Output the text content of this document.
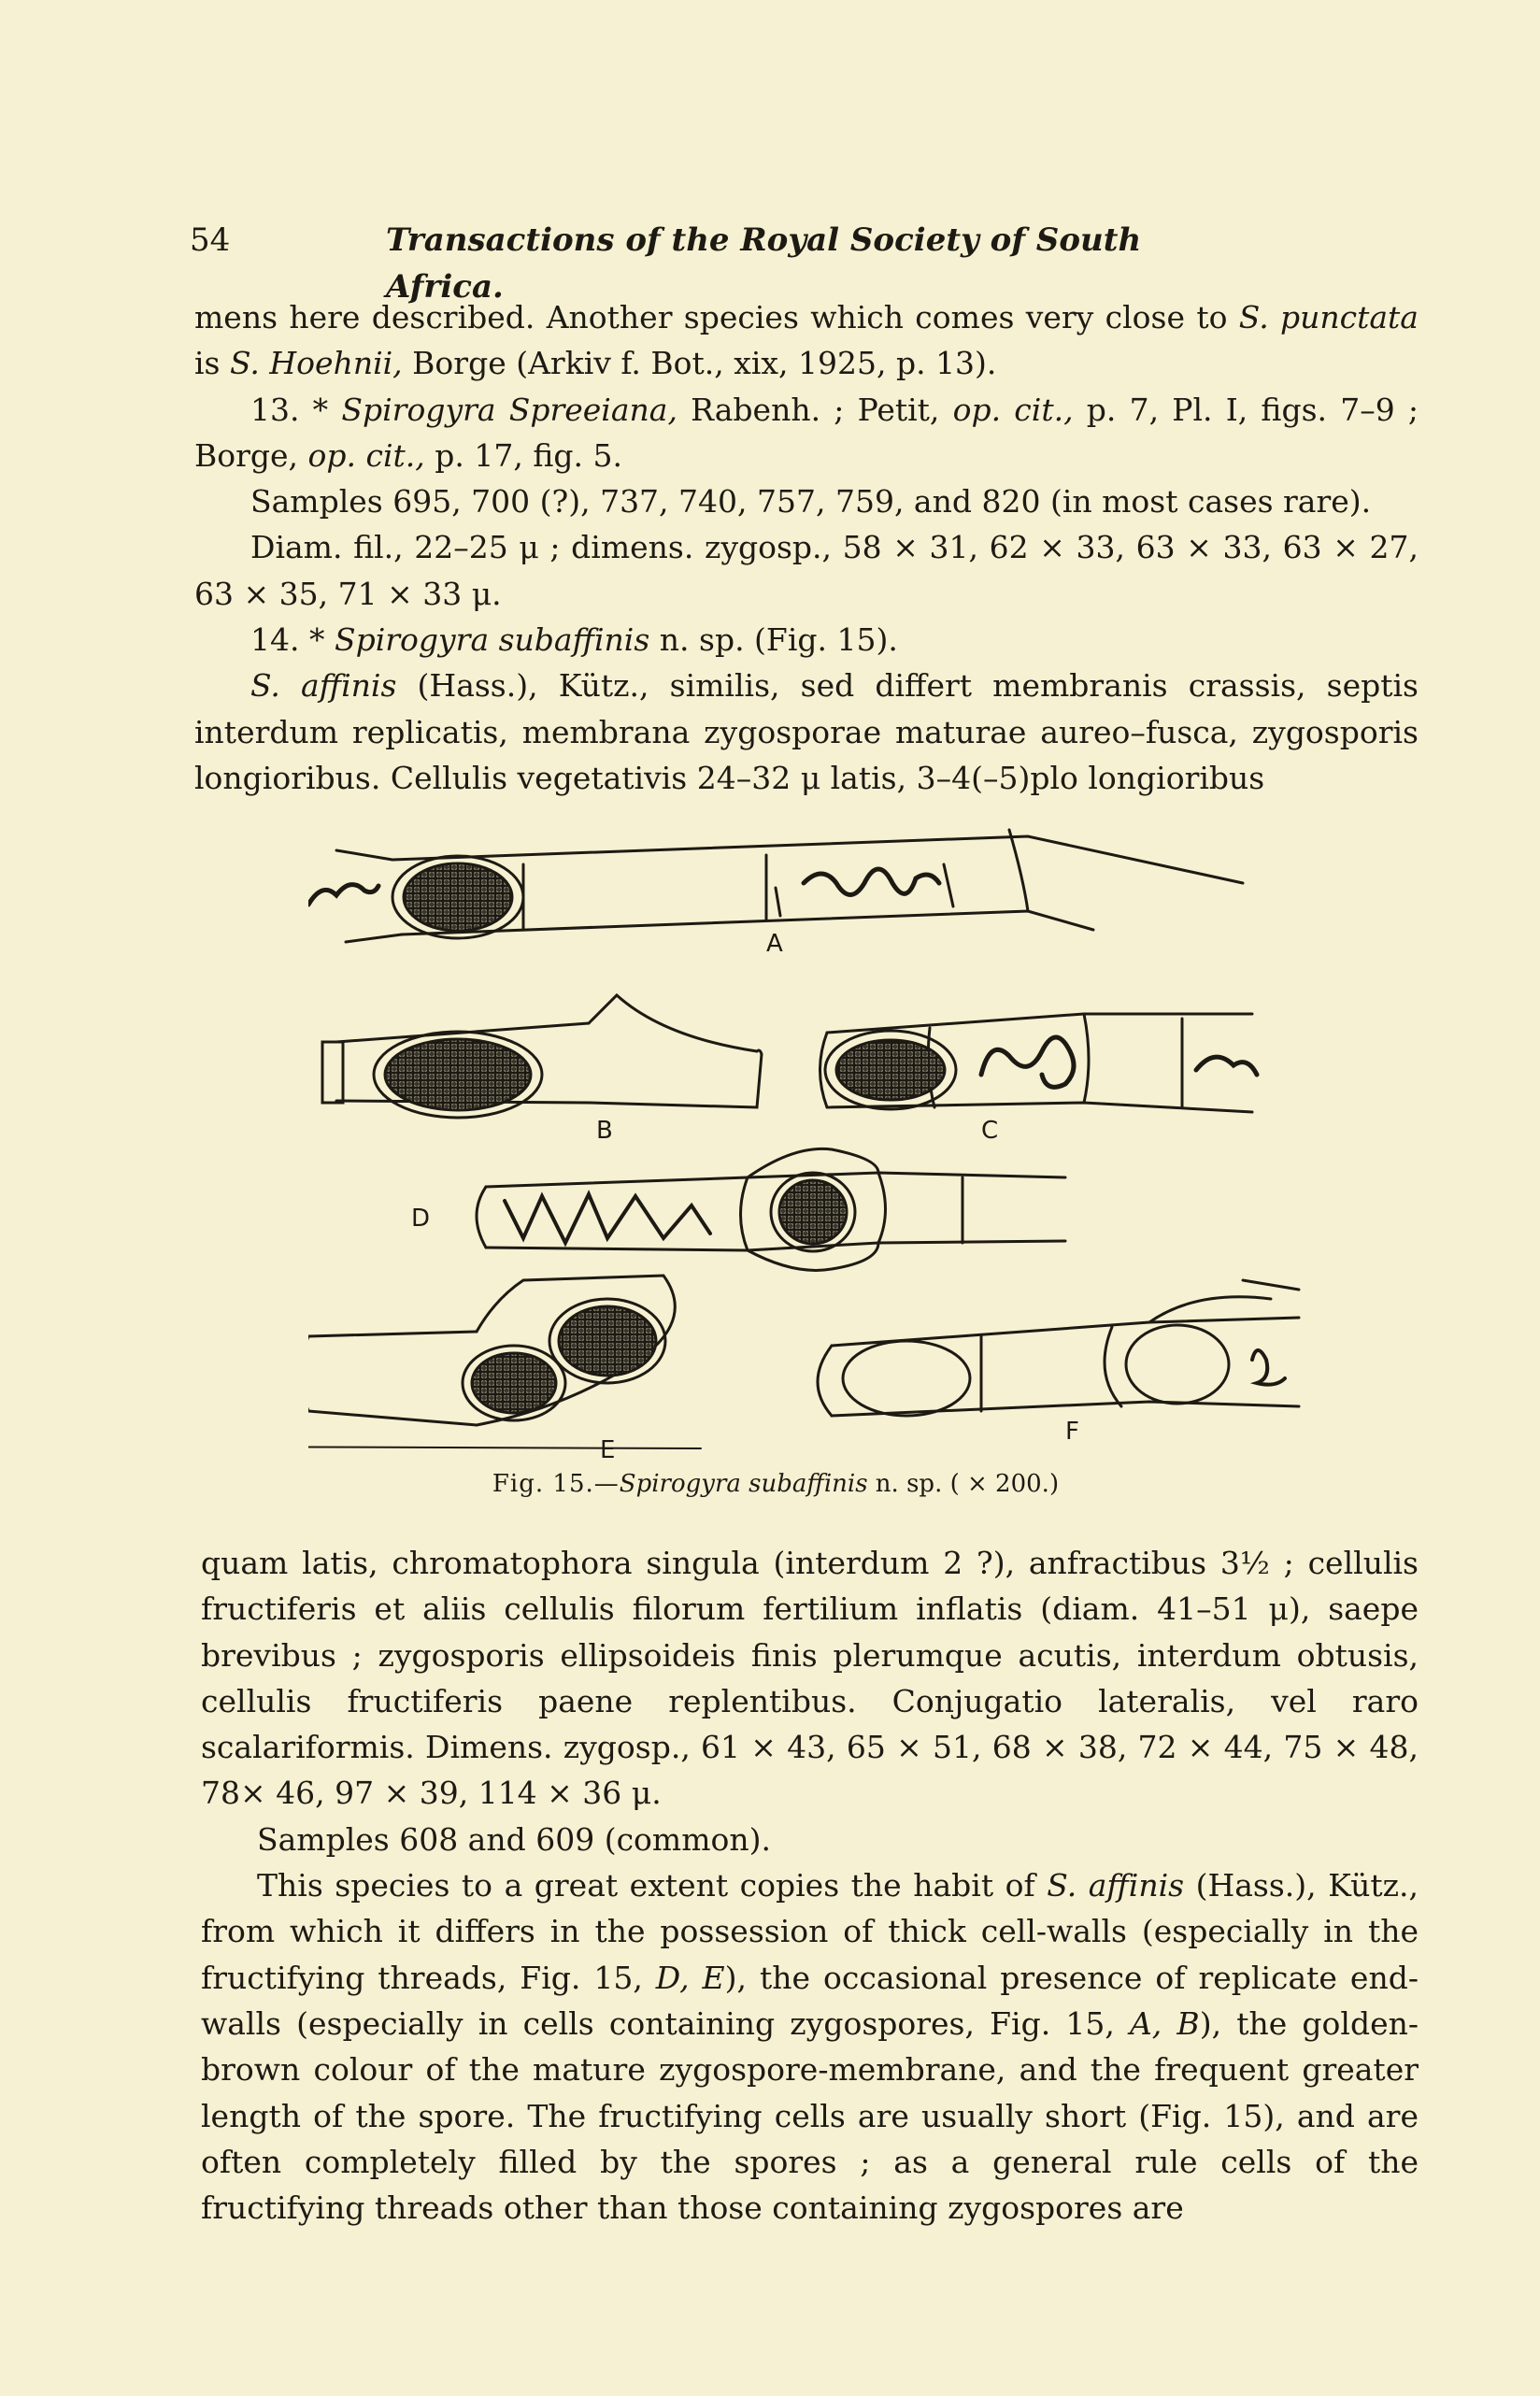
54	Transactions of the Royal Society of South Africa.

mens here described. Another species which comes very close to S. punctata is S. Hoehnii, Borge (Arkiv f. Bot., xix, 1925, p. 13).

13. * Spirogyra Spreeiana, Rabenh. ; Petit, op. cit., p. 7, Pl. I, figs. 7–9 ; Borge, op. cit., p. 17, fig. 5.

Samples 695, 700 (?), 737, 740, 757, 759, and 820 (in most cases rare).

Diam. fil., 22–25 μ ; dimens. zygosp., 58 × 31, 62 × 33, 63 × 33, 63 × 27, 63 × 35, 71 × 33 μ.

14. * Spirogyra subaffinis n. sp. (Fig. 15).

S. affinis (Hass.), Kütz., similis, sed differt membranis crassis, septis interdum replicatis, membrana zygosporae maturae aureo–fusca, zygosporis longioribus. Cellulis vegetativis 24–32 μ latis, 3–4(–5)plo longioribus

A
B	C
D
E
F
Fig. 15.—Spirogyra subaffinis n. sp. ( × 200.)

quam latis, chromatophora singula (interdum 2 ?), anfractibus 3½ ; cellulis fructiferis et aliis cellulis filorum fertilium inflatis (diam. 41–51 μ), saepe brevibus ; zygosporis ellipsoideis finis plerumque acutis, interdum obtusis, cellulis fructiferis paene replentibus. Conjugatio lateralis, vel raro scalariformis. Dimens. zygosp., 61 × 43, 65 × 51, 68 × 38, 72 × 44, 75 × 48, 78× 46, 97 × 39, 114 × 36 μ.

Samples 608 and 609 (common).

This species to a great extent copies the habit of S. affinis (Hass.), Kütz., from which it differs in the possession of thick cell-walls (especially in the fructifying threads, Fig. 15, D, E), the occasional presence of replicate end-walls (especially in cells containing zygospores, Fig. 15, A, B), the golden-brown colour of the mature zygospore-membrane, and the frequent greater length of the spore. The fructifying cells are usually short (Fig. 15), and are often completely filled by the spores ; as a general rule cells of the fructifying threads other than those containing zygospores are
